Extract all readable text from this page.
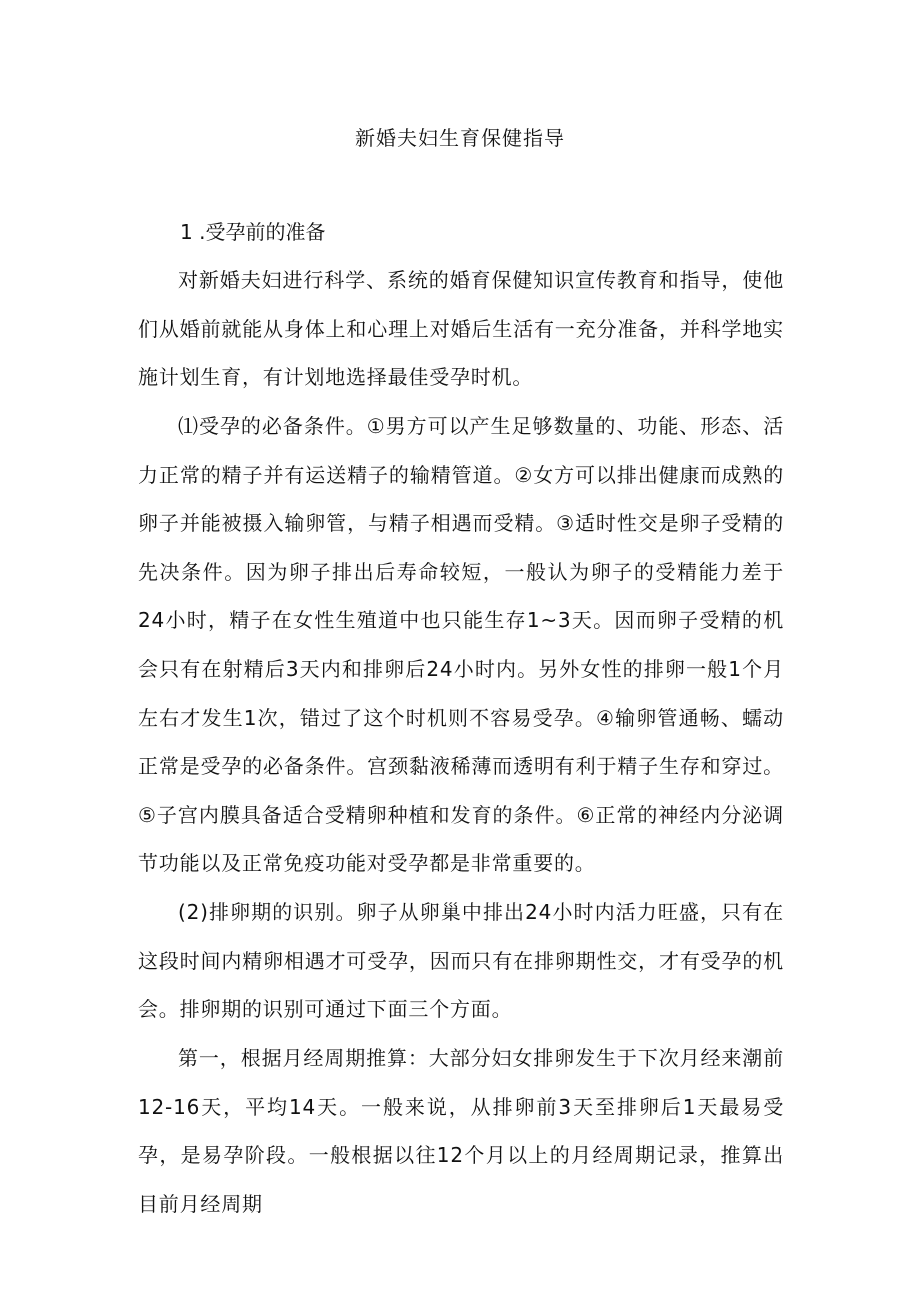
新婚夫妇生育保健指导
1 .受孕前的准备
对新婚夫妇进行科学、系统的婚育保健知识宣传教育和指导，使他们从婚前就能从身体上和心理上对婚后生活有一充分准备，并科学地实施计划生育，有计划地选择最佳受孕时机。
⑴受孕的必备条件。①男方可以产生足够数量的、功能、形态、活力正常的精子并有运送精子的输精管道。②女方可以排出健康而成熟的卵子并能被摄入输卵管，与精子相遇而受精。③适时性交是卵子受精的先决条件。因为卵子排出后寿命较短，一般认为卵子的受精能力差于24小时，精子在女性生殖道中也只能生存1~3天。因而卵子受精的机会只有在射精后3天内和排卵后24小时内。另外女性的排卵一般1个月左右才发生1次，错过了这个时机则不容易受孕。④输卵管通畅、蠕动正常是受孕的必备条件。宫颈黏液稀薄而透明有利于精子生存和穿过。⑤子宫内膜具备适合受精卵种植和发育的条件。⑥正常的神经内分泌调节功能以及正常免疫功能对受孕都是非常重要的。
(2)排卵期的识别。卵子从卵巢中排出24小时内活力旺盛，只有在这段时间内精卵相遇才可受孕，因而只有在排卵期性交，才有受孕的机会。排卵期的识别可通过下面三个方面。
第一，根据月经周期推算：大部分妇女排卵发生于下次月经来潮前12-16天，平均14天。一般来说，从排卵前3天至排卵后1天最易受孕，是易孕阶段。一般根据以往12个月以上的月经周期记录，推算出目前月经周期
